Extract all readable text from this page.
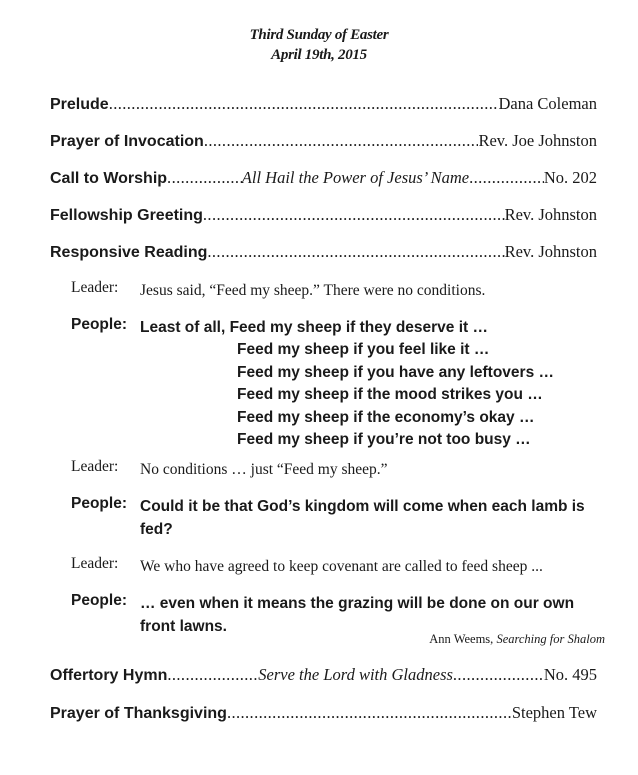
Third Sunday of Easter
April 19th, 2015
Prelude .....	Dana Coleman
Prayer of Invocation .....	Rev. Joe Johnston
Call to Worship .....	All Hail the Power of Jesus’ Name .....	No. 202
Fellowship Greeting .....	Rev. Johnston
Responsive Reading .....	Rev. Johnston
Leader: Jesus said, “Feed my sheep.” There were no conditions.
People: Least of all, Feed my sheep if they deserve it …
Feed my sheep if you feel like it …
Feed my sheep if you have any leftovers …
Feed my sheep if the mood strikes you …
Feed my sheep if the economy’s okay …
Feed my sheep if you’re not too busy …
Leader: No conditions … just “Feed my sheep.”
People: Could it be that God’s kingdom will come when each lamb is fed?
Leader: We who have agreed to keep covenant are called to feed sheep ...
People: … even when it means the grazing will be done on our own front lawns.
Ann Weems, Searching for Shalom
Offertory Hymn .....	Serve the Lord with Gladness .....	No. 495
Prayer of Thanksgiving .....	Stephen Tew
